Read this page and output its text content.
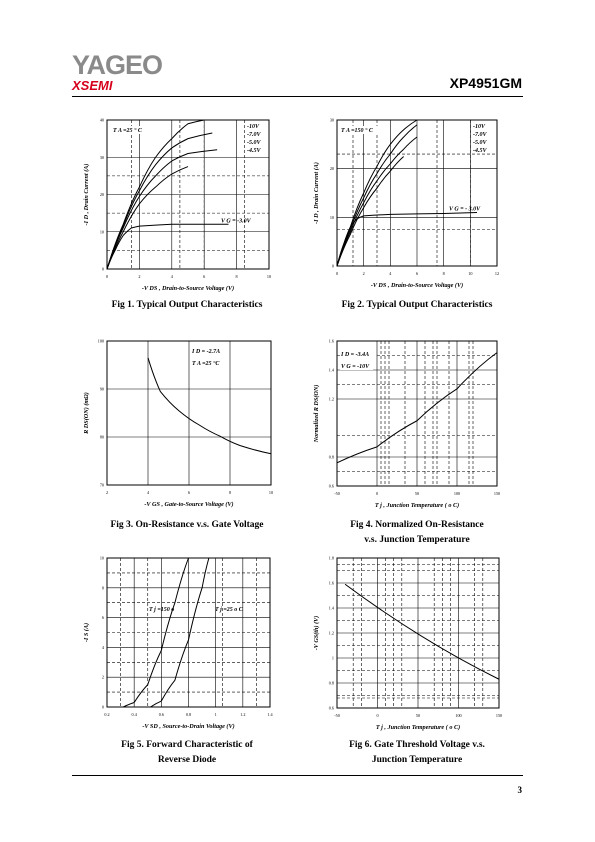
YAGEO
XSEMI	XP4951GM
0	2	4	6	8	10
0
10
20
30
40
-V DS , Drain-to-Source Voltage (V)
-I D , Drain Current (A)
-10V
-7.0V
-5.0V
-4.5V
V G = -3.0V
T A =25 ° C
Fig 1. Typical Output Characteristics
0	2	4	6	8	10	12
0
10
20
30
-V DS , Drain-to-Source Voltage (V)
-I D , Drain Current (A)
-10V
-7.0V
-5.0V
-4.5V
V G = - 3.0V
T A =150 ° C
Fig 2. Typical Output Characteristics
2	4	6	8	10
70
80
90
100
-V GS , Gate-to-Source Voltage (V)
R DS(ON) (mΩ)
I D = -2.7A
T A =25 °C
Fig 3. On-Resistance v.s. Gate Voltage
-50	0	50	100	150
0.6
0.8
1.2
1.4
1.6
T j , Junction Temperature ( o C)
Normalized R DS(ON)
I D = -3.4A
V G = -10V
Fig 4. Normalized On-Resistance
v.s. Junction Temperature
0.2	0.4	0.6	0.8	1	1.2	1.4
0
2
4
6
8
10
-V SD , Source-to-Drain Voltage (V)
-I S (A)
T j =150 o	T j =25 o C
Fig 5. Forward Characteristic of
Reverse Diode
-50	0	50	100	150
0.6
0.8
1
1.2
1.4
1.6
1.8
T j , Junction Temperature ( o C)
-V GS(th) (V)
Fig 6. Gate Threshold Voltage v.s.
Junction Temperature
3
